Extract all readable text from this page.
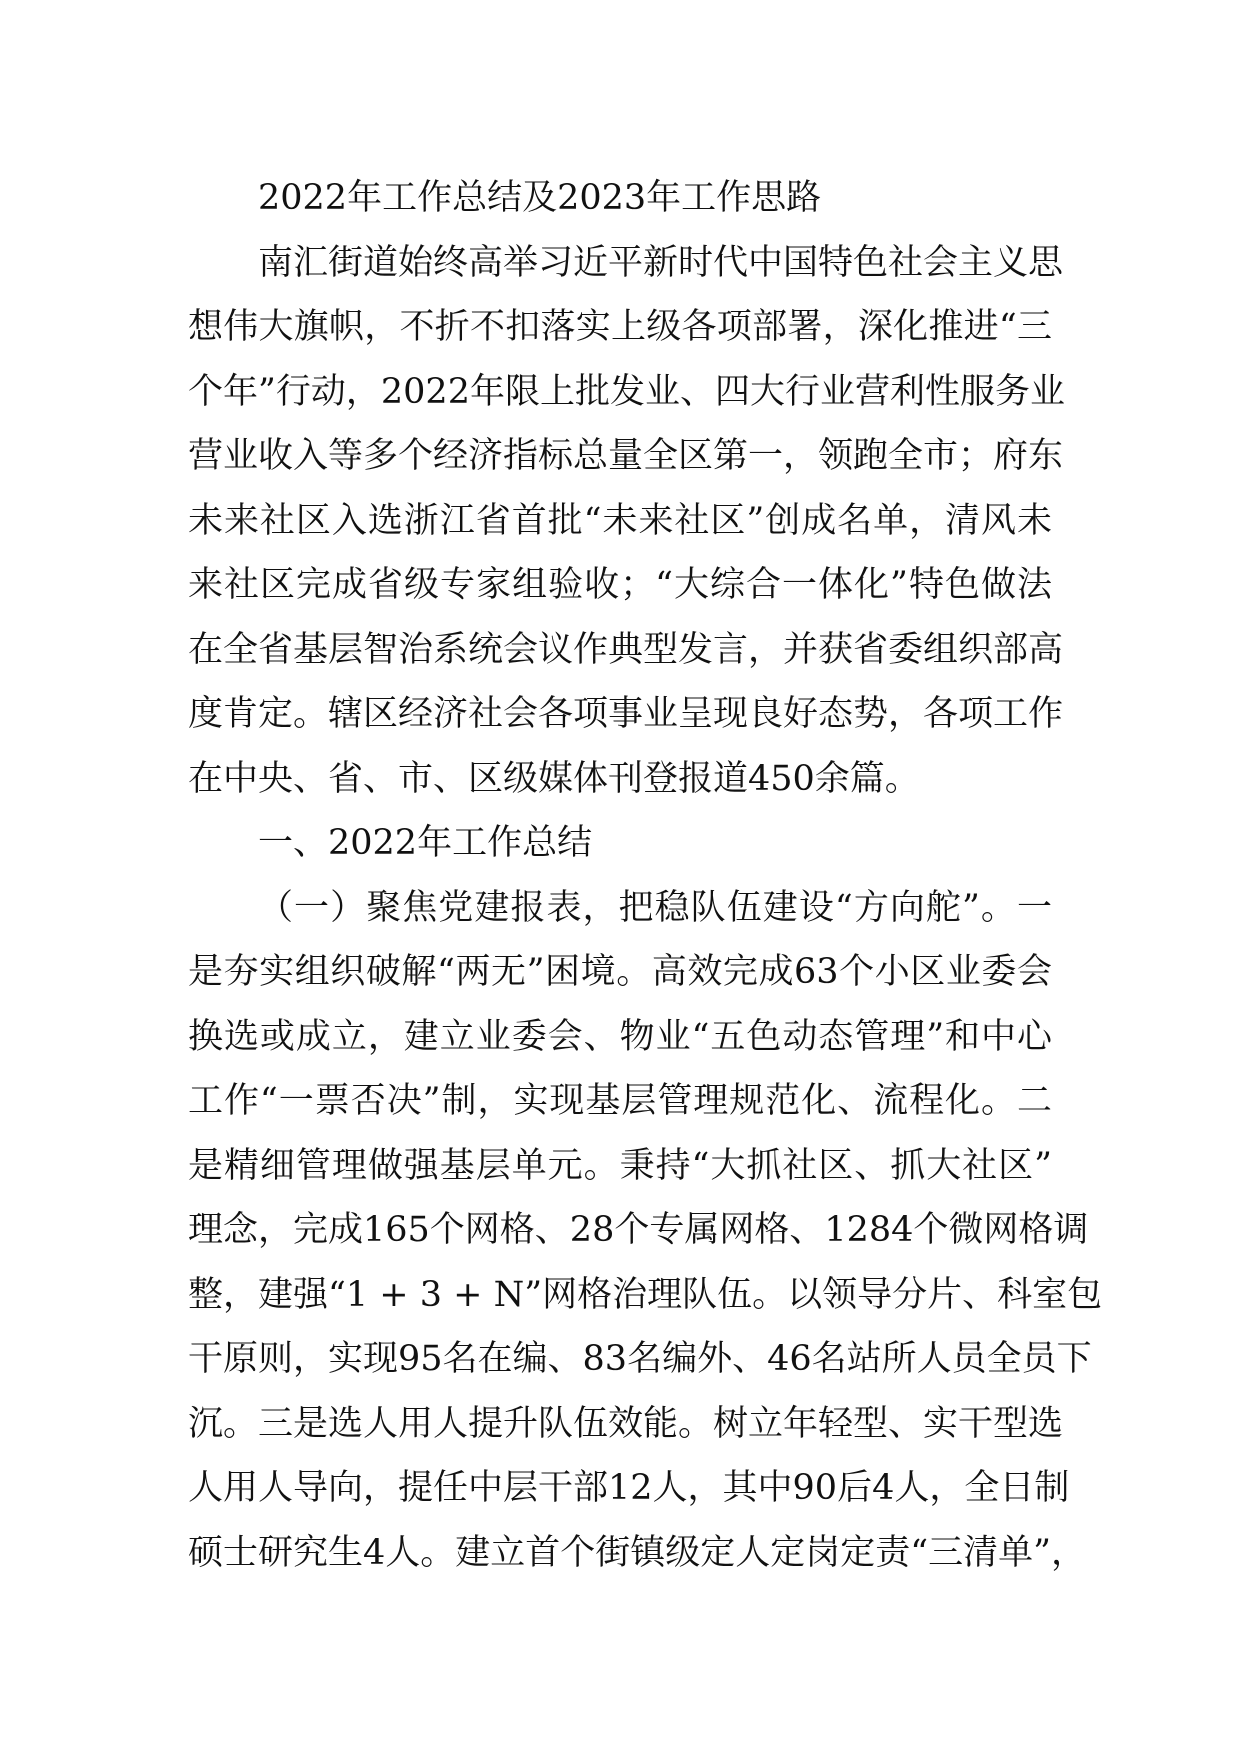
2022年工作总结及2023年工作思路

南汇街道始终高举习近平新时代中国特色社会主义思
想伟大旗帜，不折不扣落实上级各项部署，深化推进“三
个年”行动，2022年限上批发业、四大行业营利性服务业
营业收入等多个经济指标总量全区第一，领跑全市；府东
未来社区入选浙江省首批“未来社区”创成名单，清风未
来社区完成省级专家组验收；“大综合一体化”特色做法
在全省基层智治系统会议作典型发言，并获省委组织部高
度肯定。辖区经济社会各项事业呈现良好态势，各项工作
在中央、省、市、区级媒体刊登报道450余篇。

一、2022年工作总结

（一）聚焦党建报表，把稳队伍建设“方向舵”。一
是夯实组织破解“两无”困境。高效完成63个小区业委会
换选或成立，建立业委会、物业“五色动态管理”和中心
工作“一票否决”制，实现基层管理规范化、流程化。二
是精细管理做强基层单元。秉持“大抓社区、抓大社区”
理念，完成165个网格、28个专属网格、1284个微网格调
整，建强“1 + 3 + N”网格治理队伍。以领导分片、科室包
干原则，实现95名在编、83名编外、46名站所人员全员下
沉。三是选人用人提升队伍效能。树立年轻型、实干型选
人用人导向，提任中层干部12人，其中90后4人，全日制
硕士研究生4人。建立首个街镇级定人定岗定责“三清单”，
